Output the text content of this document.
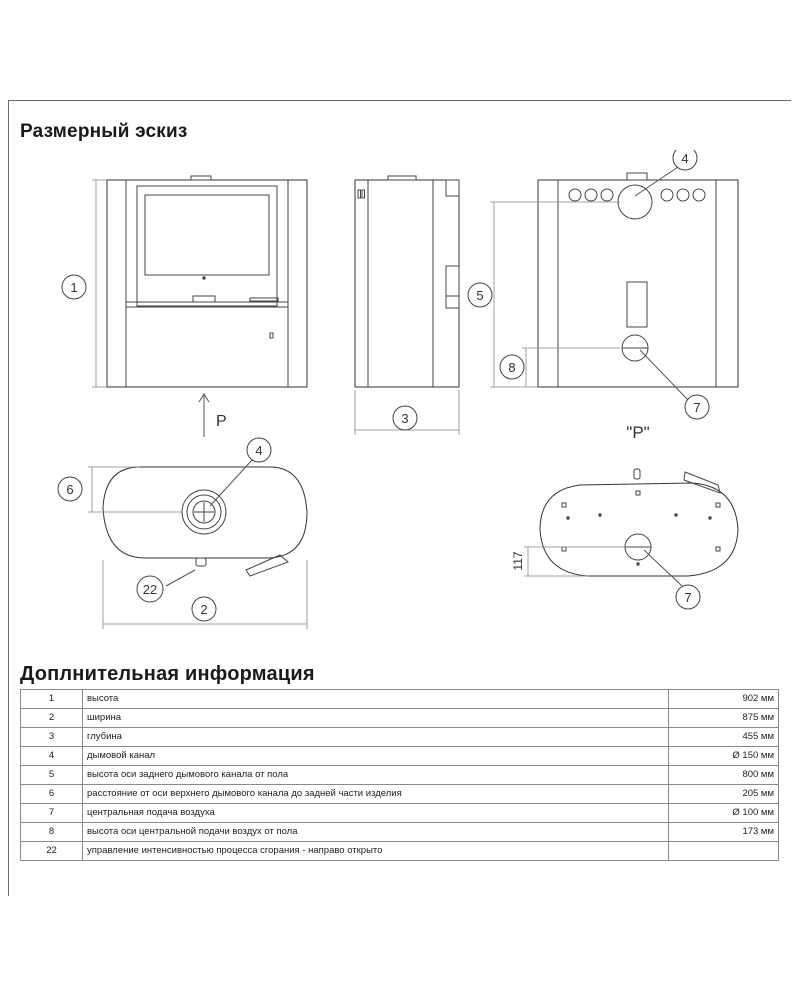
Размерный эскиз
1
3
5
8
4
7
6
4
22
2
7
P
"P"
117
Доплнительная информация
1	высота	902 мм
2	ширина	875 мм
3	глубина	455 мм
4	дымовой канал	Ø 150 мм
5	высота оси заднего дымового канала от пола	800 мм
6	расстояние от оси верхнего дымового канала до задней части изделия	205 мм
7	центральная подача воздуха	Ø 100 мм
8	высота оси центральной подачи воздух от пола	173 мм
22	управление интенсивностью процесса сгорания - направо открыто	
